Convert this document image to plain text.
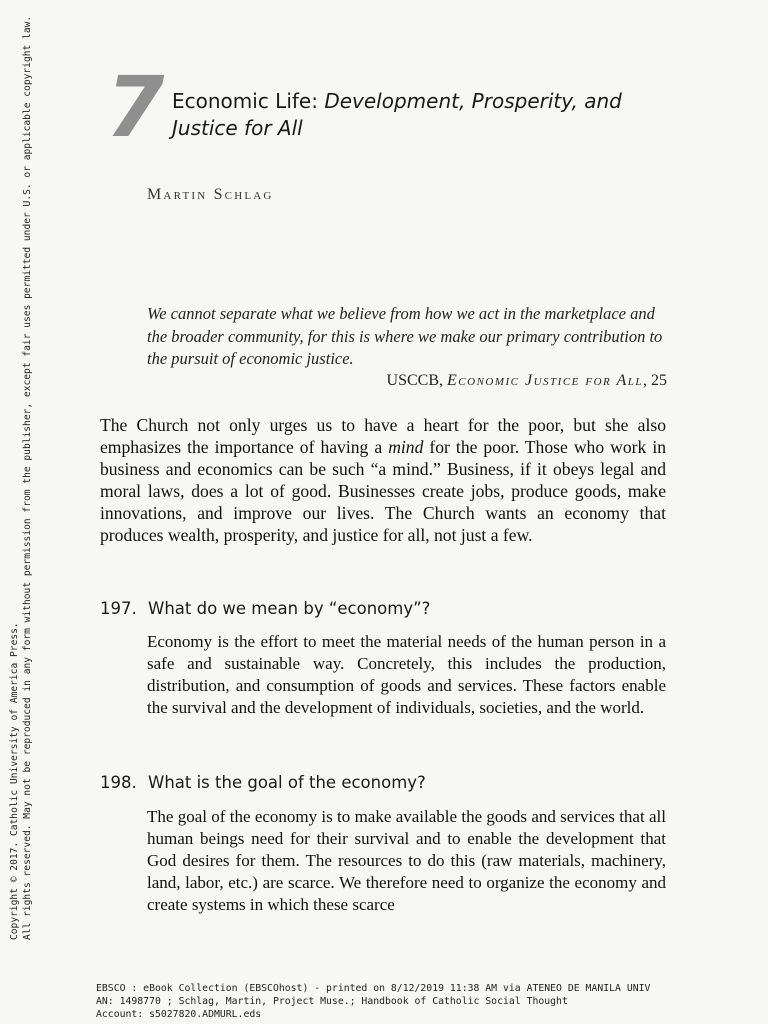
Copyright © 2017. Catholic University of America Press. All rights reserved. May not be reproduced in any form without permission from the publisher, except fair uses permitted under U.S. or applicable copyright law. 7 Economic Life: Development, Prosperity, and Justice for All
Martin Schlag
We cannot separate what we believe from how we act in the marketplace and the broader community, for this is where we make our primary contribution to the pursuit of economic justice.
USCCB, Economic Justice for All, 25
The Church not only urges us to have a heart for the poor, but she also emphasizes the importance of having a mind for the poor. Those who work in business and economics can be such “a mind.” Business, if it obeys legal and moral laws, does a lot of good. Businesses create jobs, produce goods, make innovations, and improve our lives. The Church wants an economy that produces wealth, prosperity, and justice for all, not just a few.
197. What do we mean by “economy”?
Economy is the effort to meet the material needs of the human person in a safe and sustainable way. Concretely, this includes the production, distribution, and consumption of goods and services. These factors enable the survival and the development of individuals, societies, and the world.
198. What is the goal of the economy?
The goal of the economy is to make available the goods and services that all human beings need for their survival and to enable the development that God desires for them. The resources to do this (raw materials, machinery, land, labor, etc.) are scarce. We therefore need to organize the economy and create systems in which these scarce
EBSCO : eBook Collection (EBSCOhost) - printed on 8/12/2019 11:38 AM via ATENEO DE MANILA UNIV
AN: 1498770 ; Schlag, Martin, Project Muse.; Handbook of Catholic Social Thought
Account: s5027820.ADMURL.eds
